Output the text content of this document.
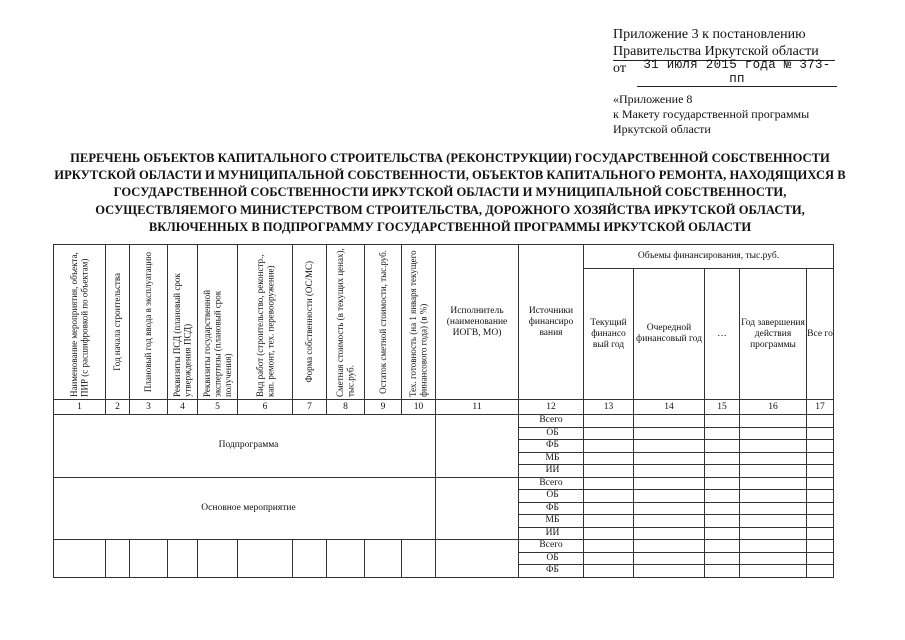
Приложение 3 к постановлению
Правительства Иркутской области
от	31 июля 2015 года № 373-пп
«Приложение 8
к Макету государственной программы
Иркутской области
ПЕРЕЧЕНЬ ОБЪЕКТОВ КАПИТАЛЬНОГО СТРОИТЕЛЬСТВА (РЕКОНСТРУКЦИИ) ГОСУДАРСТВЕННОЙ СОБСТВЕННОСТИ ИРКУТСКОЙ ОБЛАСТИ И МУНИЦИПАЛЬНОЙ СОБСТВЕННОСТИ, ОБЪЕКТОВ КАПИТАЛЬНОГО РЕМОНТА, НАХОДЯЩИХСЯ В ГОСУДАРСТВЕННОЙ СОБСТВЕННОСТИ ИРКУТСКОЙ ОБЛАСТИ И МУНИЦИПАЛЬНОЙ СОБСТВЕННОСТИ, ОСУЩЕСТВЛЯЕМОГО МИНИСТЕРСТВОМ СТРОИТЕЛЬСТВА, ДОРОЖНОГО ХОЗЯЙСТВА ИРКУТСКОЙ ОБЛАСТИ, ВКЛЮЧЕННЫХ В ПОДПРОГРАММУ ГОСУДАРСТВЕННОЙ ПРОГРАММЫ ИРКУТСКОЙ ОБЛАСТИ
Наименование мероприятия, объекта, ПИР (с расшифровкой по объектам)	Год начала строительства	Плановый год ввода в эксплуатацию	Реквизиты ПСД (плановый срок утверждения ПСД)	Реквизиты государственной экспертизы (плановый срок получения)	Вид работ (строительство, реконстр., кап. ремонт, тех. перевооружение)	Форма собственности (ОС/МС)	Сметная стоимость (в текущих ценах), тыс.руб.	Остаток сметной стоимости, тыс.руб.	Тех. готовность (на 1 января текущего финансового года) (в %)	Исполнитель (наименование ИОГВ, МО)	Источники финансиро вания	Объемы финансирования, тыс.руб.				
												Текущий финансо вый год	Очередной финансовый год	…	Год завершения действия программы	Все го
1	2	3	4	5	6	7	8	9	10	11	12	13	14	15	16	17
Подпрограмма											Всего					
											ОБ					
											ФБ					
											МБ					
											ИИ					
Основное мероприятие											Всего					
											ОБ					
											ФБ					
											МБ					
											ИИ					
											Всего					
											ОБ					
											ФБ					
